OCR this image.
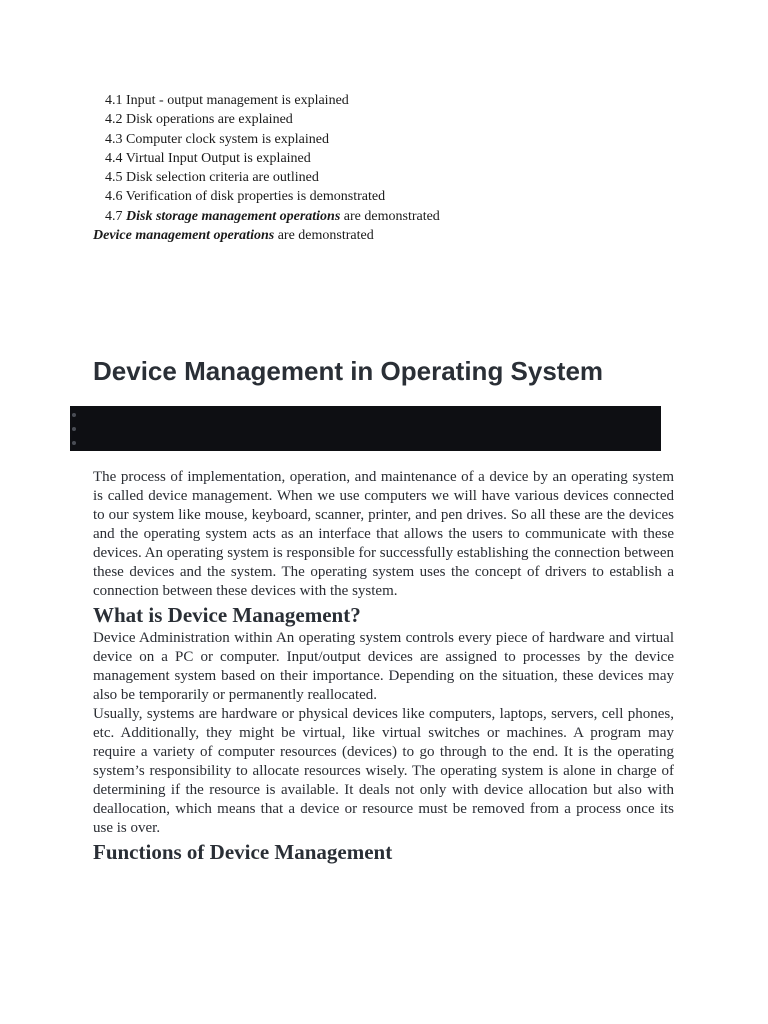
4.1 Input - output management is explained
4.2 Disk operations are explained
4.3 Computer clock system is explained
4.4 Virtual Input Output is explained
4.5 Disk selection criteria are outlined
4.6 Verification of disk properties is demonstrated
4.7 Disk storage management operations are demonstrated
Device management operations are demonstrated
Device Management in Operating System

The process of implementation, operation, and maintenance of a device by an operating system is called device management. When we use computers we will have various devices connected to our system like mouse, keyboard, scanner, printer, and pen drives. So all these are the devices and the operating system acts as an interface that allows the users to communicate with these devices. An operating system is responsible for successfully establishing the connection between these devices and the system. The operating system uses the concept of drivers to establish a connection between these devices with the system.

What is Device Management?

Device Administration within An operating system controls every piece of hardware and virtual device on a PC or computer. Input/output devices are assigned to processes by the device management system based on their importance. Depending on the situation, these devices may also be temporarily or permanently reallocated.

Usually, systems are hardware or physical devices like computers, laptops, servers, cell phones, etc. Additionally, they might be virtual, like virtual switches or machines. A program may require a variety of computer resources (devices) to go through to the end. It is the operating system’s responsibility to allocate resources wisely. The operating system is alone in charge of determining if the resource is available. It deals not only with device allocation but also with deallocation, which means that a device or resource must be removed from a process once its use is over.

Functions of Device Management
